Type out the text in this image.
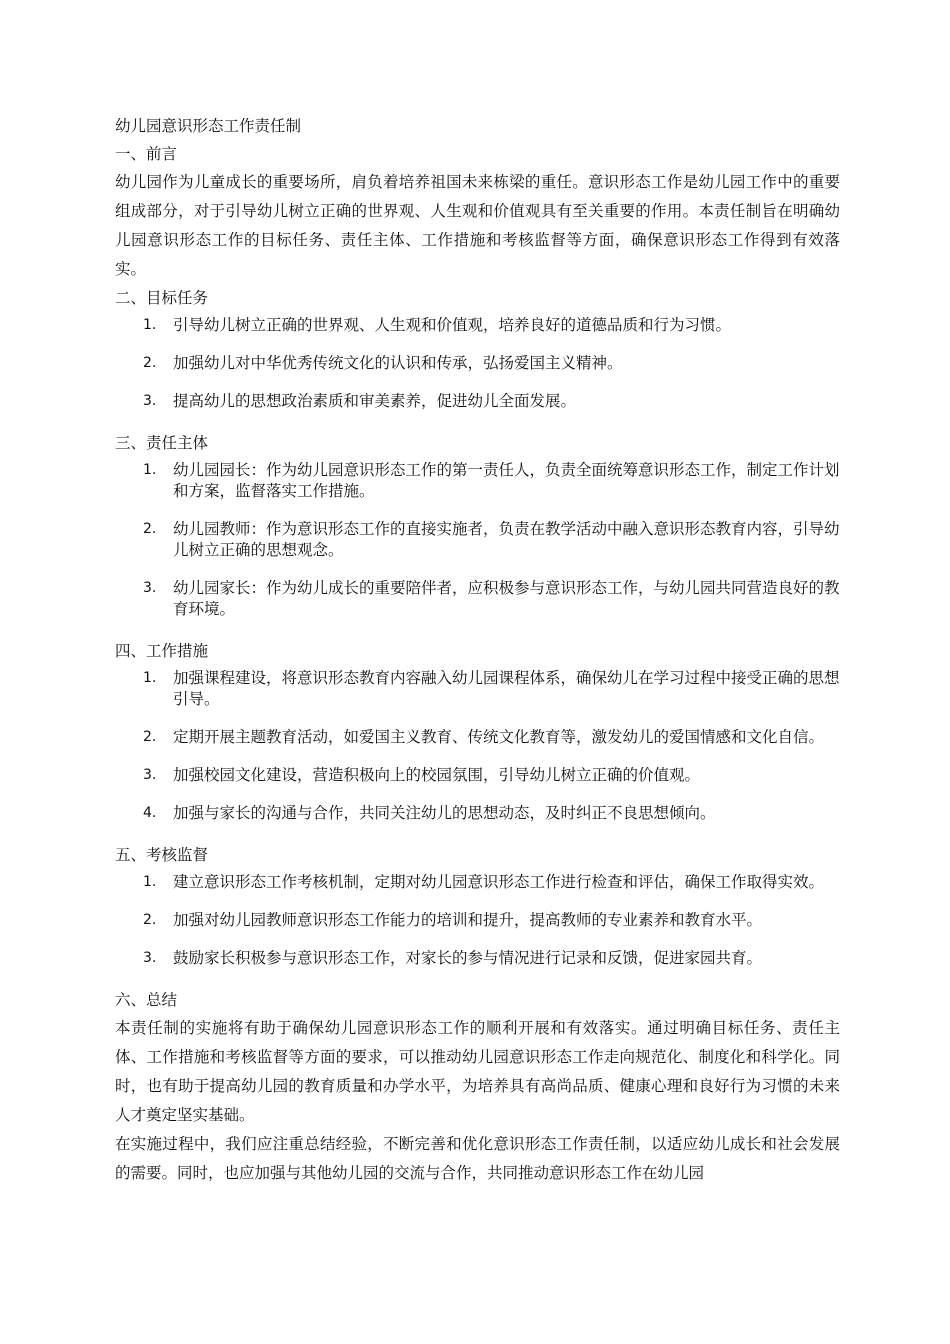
幼儿园意识形态工作责任制
一、前言

幼儿园作为儿童成长的重要场所，肩负着培养祖国未来栋梁的重任。意识形态工作是幼儿园工作中的重要组成部分，对于引导幼儿树立正确的世界观、人生观和价值观具有至关重要的作用。本责任制旨在明确幼儿园意识形态工作的目标任务、责任主体、工作措施和考核监督等方面，确保意识形态工作得到有效落实。

二、目标任务
1. 引导幼儿树立正确的世界观、人生观和价值观，培养良好的道德品质和行为习惯。
2. 加强幼儿对中华优秀传统文化的认识和传承，弘扬爱国主义精神。
3. 提高幼儿的思想政治素质和审美素养，促进幼儿全面发展。
三、责任主体
1. 幼儿园园长：作为幼儿园意识形态工作的第一责任人，负责全面统筹意识形态工作，制定工作计划和方案，监督落实工作措施。
2. 幼儿园教师：作为意识形态工作的直接实施者，负责在教学活动中融入意识形态教育内容，引导幼儿树立正确的思想观念。
3. 幼儿园家长：作为幼儿成长的重要陪伴者，应积极参与意识形态工作，与幼儿园共同营造良好的教育环境。
四、工作措施
1. 加强课程建设，将意识形态教育内容融入幼儿园课程体系，确保幼儿在学习过程中接受正确的思想引导。
2. 定期开展主题教育活动，如爱国主义教育、传统文化教育等，激发幼儿的爱国情感和文化自信。
3. 加强校园文化建设，营造积极向上的校园氛围，引导幼儿树立正确的价值观。
4. 加强与家长的沟通与合作，共同关注幼儿的思想动态，及时纠正不良思想倾向。
五、考核监督
1. 建立意识形态工作考核机制，定期对幼儿园意识形态工作进行检查和评估，确保工作取得实效。
2. 加强对幼儿园教师意识形态工作能力的培训和提升，提高教师的专业素养和教育水平。
3. 鼓励家长积极参与意识形态工作，对家长的参与情况进行记录和反馈，促进家园共育。
六、总结

本责任制的实施将有助于确保幼儿园意识形态工作的顺利开展和有效落实。通过明确目标任务、责任主体、工作措施和考核监督等方面的要求，可以推动幼儿园意识形态工作走向规范化、制度化和科学化。同时，也有助于提高幼儿园的教育质量和办学水平，为培养具有高尚品质、健康心理和良好行为习惯的未来人才奠定坚实基础。

在实施过程中，我们应注重总结经验，不断完善和优化意识形态工作责任制，以适应幼儿成长和社会发展的需要。同时，也应加强与其他幼儿园的交流与合作，共同推动意识形态工作在幼儿园
